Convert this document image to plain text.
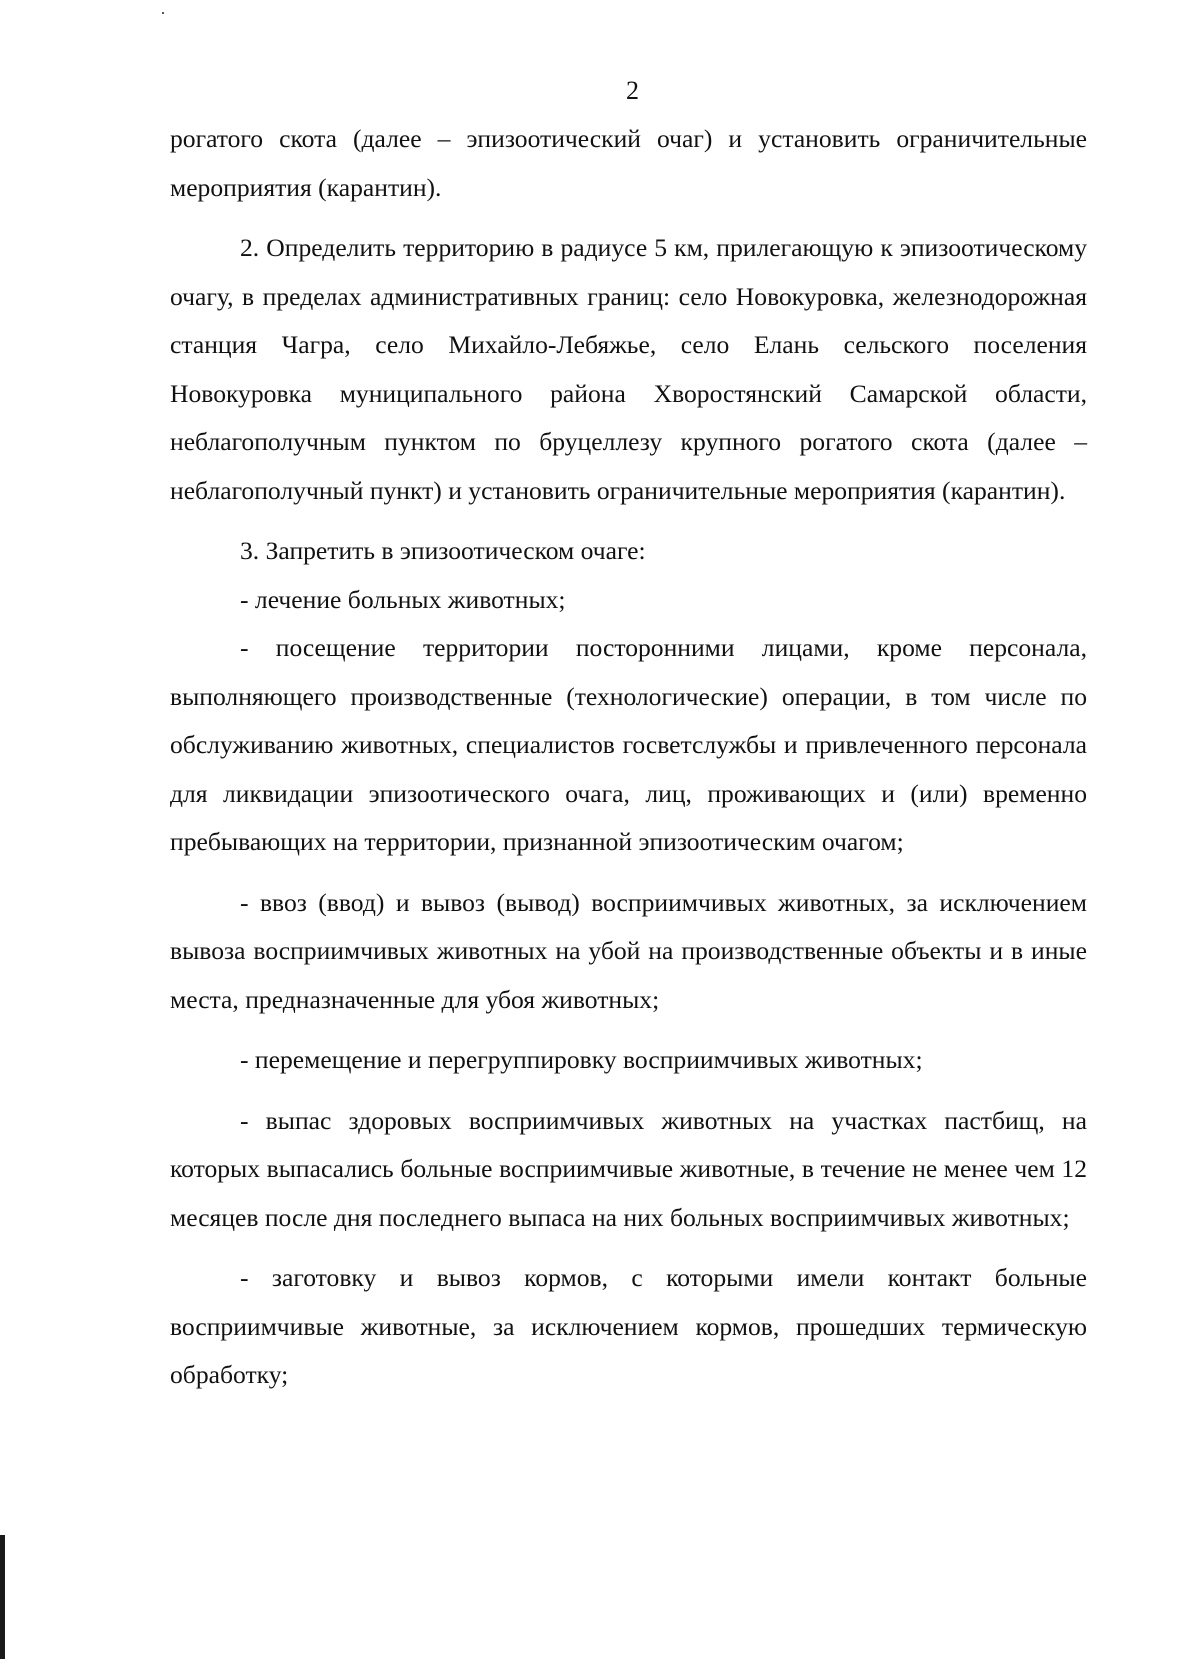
2

рогатого скота (далее – эпизоотический очаг) и установить ограничительные мероприятия (карантин).

2. Определить территорию в радиусе 5 км, прилегающую к эпизоотическому очагу, в пределах административных границ: село Новокуровка, железнодорожная станция Чагра, село Михайло-Лебяжье, село Елань сельского поселения Новокуровка муниципального района Хворостянский Самарской области, неблагополучным пунктом по бруцеллезу крупного рогатого скота (далее – неблагополучный пункт) и установить ограничительные мероприятия (карантин).

3. Запретить в эпизоотическом очаге:

- лечение больных животных;

- посещение территории посторонними лицами, кроме персонала, выполняющего производственные (технологические) операции, в том числе по обслуживанию животных, специалистов госветслужбы и привлеченного персонала для ликвидации эпизоотического очага, лиц, проживающих и (или) временно пребывающих на территории, признанной эпизоотическим очагом;

- ввоз (ввод) и вывоз (вывод) восприимчивых животных, за исключением вывоза восприимчивых животных на убой на производственные объекты и в иные места, предназначенные для убоя животных;

- перемещение и перегруппировку восприимчивых животных;

- выпас здоровых восприимчивых животных на участках пастбищ, на которых выпасались больные восприимчивые животные, в течение не менее чем 12 месяцев после дня последнего выпаса на них больных восприимчивых животных;

- заготовку и вывоз кормов, с которыми имели контакт больные восприимчивые животные, за исключением кормов, прошедших термическую обработку;
